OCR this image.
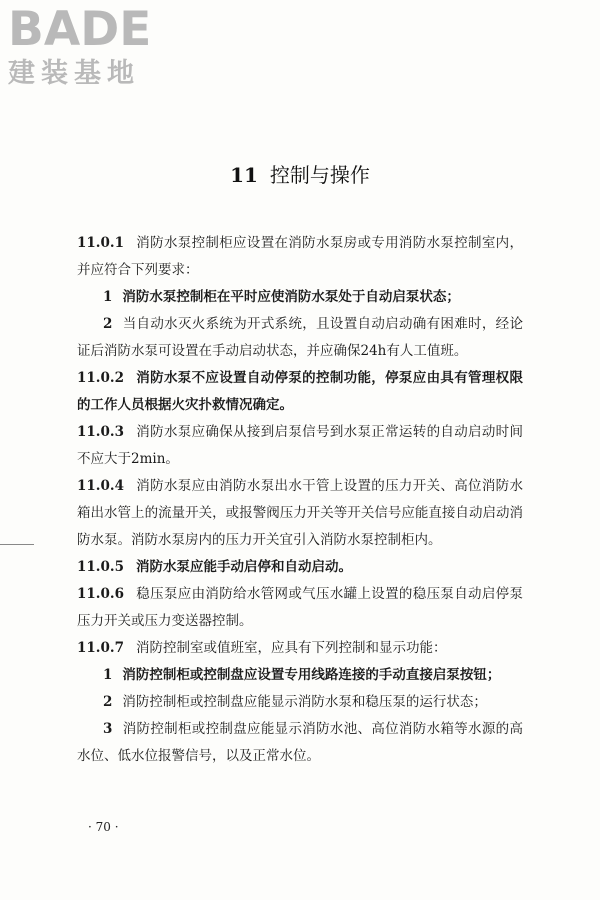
BADE
建装基地
11 控制与操作

11.0.1 消防水泵控制柜应设置在消防水泵房或专用消防水泵控制室内，并应符合下列要求：

1 消防水泵控制柜在平时应使消防水泵处于自动启泵状态；

2 当自动水灭火系统为开式系统，且设置自动启动确有困难时，经论证后消防水泵可设置在手动启动状态，并应确保24h有人工值班。

11.0.2 消防水泵不应设置自动停泵的控制功能，停泵应由具有管理权限的工作人员根据火灾扑救情况确定。

11.0.3 消防水泵应确保从接到启泵信号到水泵正常运转的自动启动时间不应大于2min。

11.0.4 消防水泵应由消防水泵出水干管上设置的压力开关、高位消防水箱出水管上的流量开关，或报警阀压力开关等开关信号应能直接自动启动消防水泵。消防水泵房内的压力开关宜引入消防水泵控制柜内。

11.0.5 消防水泵应能手动启停和自动启动。

11.0.6 稳压泵应由消防给水管网或气压水罐上设置的稳压泵自动启停泵压力开关或压力变送器控制。

11.0.7 消防控制室或值班室，应具有下列控制和显示功能：

1 消防控制柜或控制盘应设置专用线路连接的手动直接启泵按钮；

2 消防控制柜或控制盘应能显示消防水泵和稳压泵的运行状态；

3 消防控制柜或控制盘应能显示消防水池、高位消防水箱等水源的高水位、低水位报警信号，以及正常水位。

· 70 ·
